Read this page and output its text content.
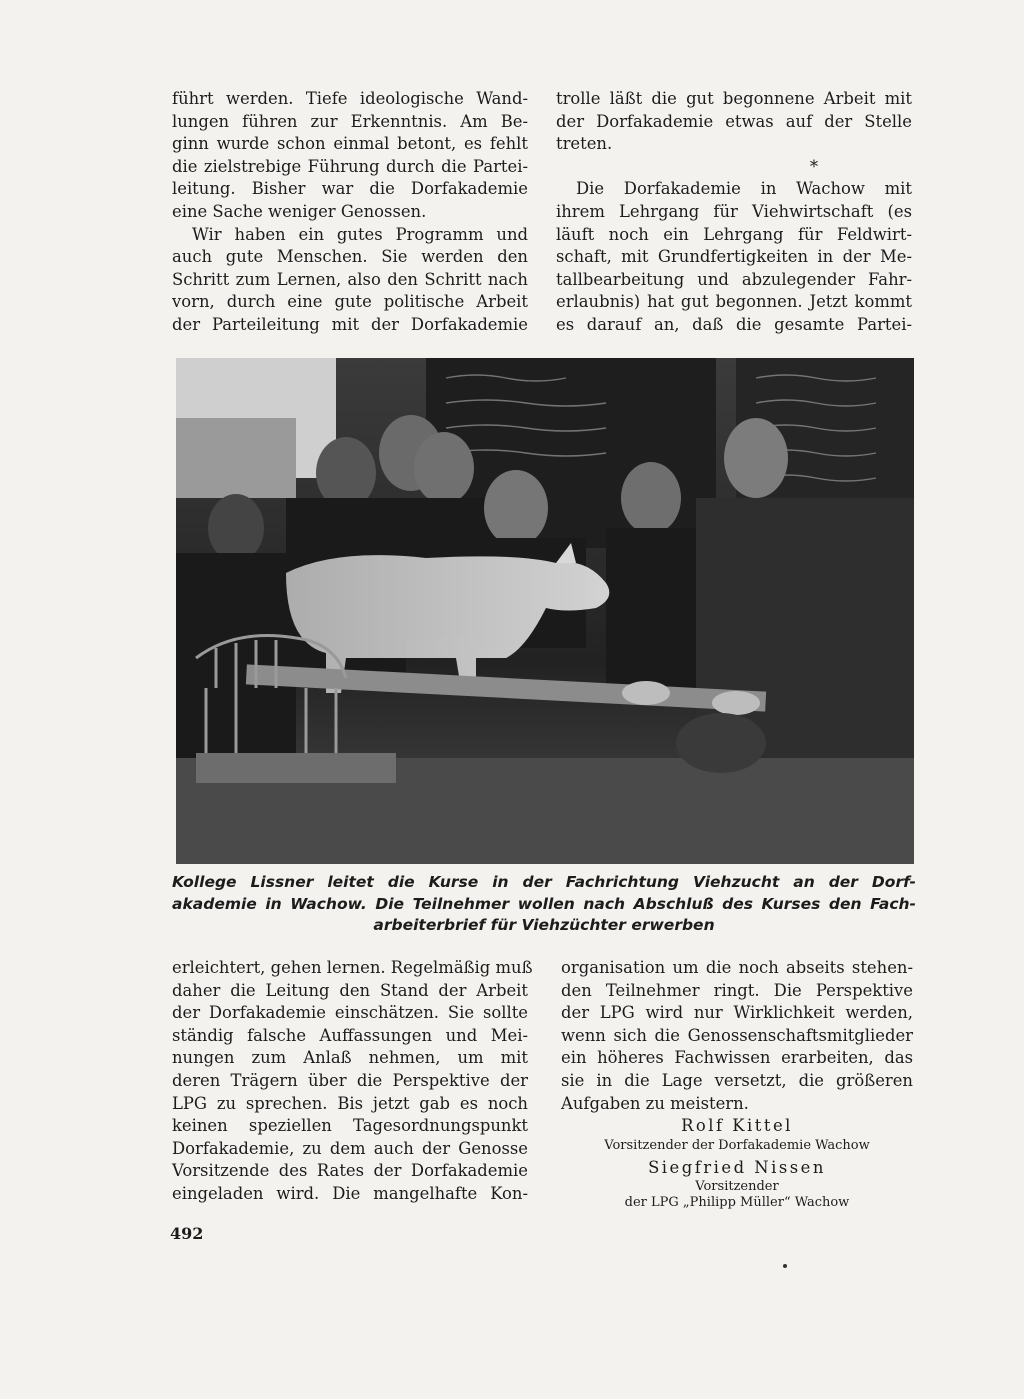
führt werden. Tiefe ideologische Wand-
lungen führen zur Erkenntnis. Am Be-
ginn wurde schon einmal betont, es fehlt
die zielstrebige Führung durch die Partei-
leitung. Bisher war die Dorfakademie
eine Sache weniger Genossen.
Wir haben ein gutes Programm und
auch gute Menschen. Sie werden den
Schritt zum Lernen, also den Schritt nach
vorn, durch eine gute politische Arbeit
der Parteileitung mit der Dorfakademie
trolle läßt die gut begonnene Arbeit mit
der Dorfakademie etwas auf der Stelle
treten.
*
Die Dorfakademie in Wachow mit
ihrem Lehrgang für Viehwirtschaft (es
läuft noch ein Lehrgang für Feldwirt-
schaft, mit Grundfertigkeiten in der Me-
tallbearbeitung und abzulegender Fahr-
erlaubnis) hat gut begonnen. Jetzt kommt
es darauf an, daß die gesamte Partei-
Kollege Lissner leitet die Kurse in der Fachrichtung Viehzucht an der Dorf-
akademie in Wachow. Die Teilnehmer wollen nach Abschluß des Kurses den Fach-
arbeiterbrief für Viehzüchter erwerben
erleichtert, gehen lernen. Regelmäßig muß
daher die Leitung den Stand der Arbeit
der Dorfakademie einschätzen. Sie sollte
ständig falsche Auffassungen und Mei-
nungen zum Anlaß nehmen, um mit
deren Trägern über die Perspektive der
LPG zu sprechen. Bis jetzt gab es noch
keinen speziellen Tagesordnungspunkt
Dorfakademie, zu dem auch der Genosse
Vorsitzende des Rates der Dorfakademie
eingeladen wird. Die mangelhafte Kon-
organisation um die noch abseits stehen-
den Teilnehmer ringt. Die Perspektive
der LPG wird nur Wirklichkeit werden,
wenn sich die Genossenschaftsmitglieder
ein höheres Fachwissen erarbeiten, das
sie in die Lage versetzt, die größeren
Aufgaben zu meistern.
Rolf Kittel
Vorsitzender der Dorfakademie Wachow
Siegfried Nissen
Vorsitzender
der LPG „Philipp Müller“ Wachow
492
